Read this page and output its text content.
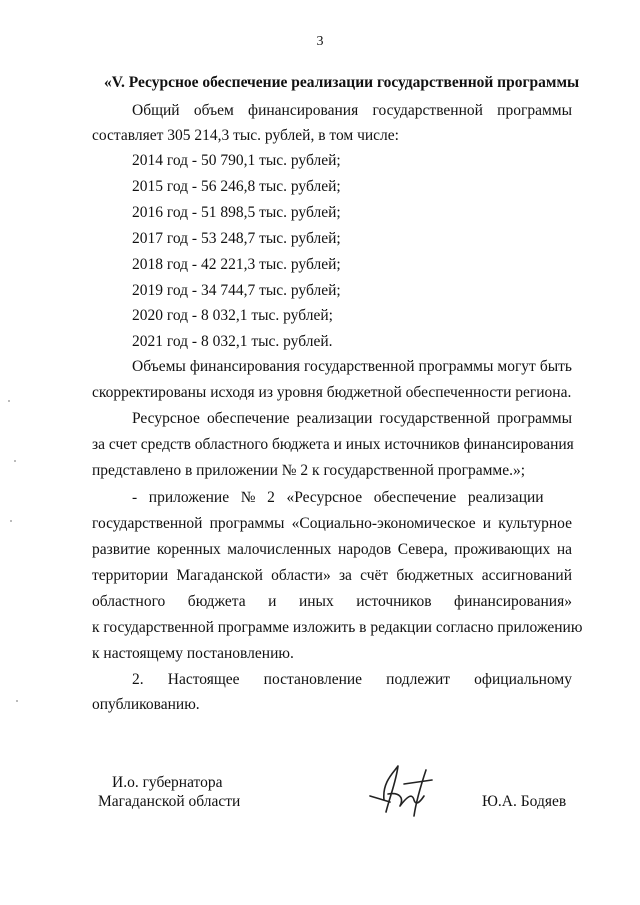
3
«V. Ресурсное обеспечение реализации государственной программы
Общий объем финансирования государственной программы
составляет 305 214,3 тыс. рублей, в том числе:
2014 год - 50 790,1 тыс. рублей;
2015 год - 56 246,8 тыс. рублей;
2016 год - 51 898,5 тыс. рублей;
2017 год - 53 248,7 тыс. рублей;
2018 год - 42 221,3 тыс. рублей;
2019 год - 34 744,7 тыс. рублей;
2020 год - 8 032,1 тыс. рублей;
2021 год - 8 032,1 тыс. рублей.
Объемы финансирования государственной программы могут быть
скорректированы исходя из уровня бюджетной обеспеченности региона.
Ресурсное обеспечение реализации государственной программы
за счет средств областного бюджета и иных источников финансирования
представлено в приложении № 2 к государственной программе.»;
-   приложение   №   2   «Ресурсное   обеспечение   реализации
государственной программы «Социально-экономическое и культурное
развитие коренных малочисленных народов Севера, проживающих на
территории Магаданской области» за счёт бюджетных ассигнований
областного бюджета и иных источников финансирования»
к государственной программе изложить в редакции согласно приложению
к настоящему постановлению.
2. Настоящее постановление подлежит официальному
опубликованию.
И.о. губернатора
Магаданской области	Ю.А. Бодяев
